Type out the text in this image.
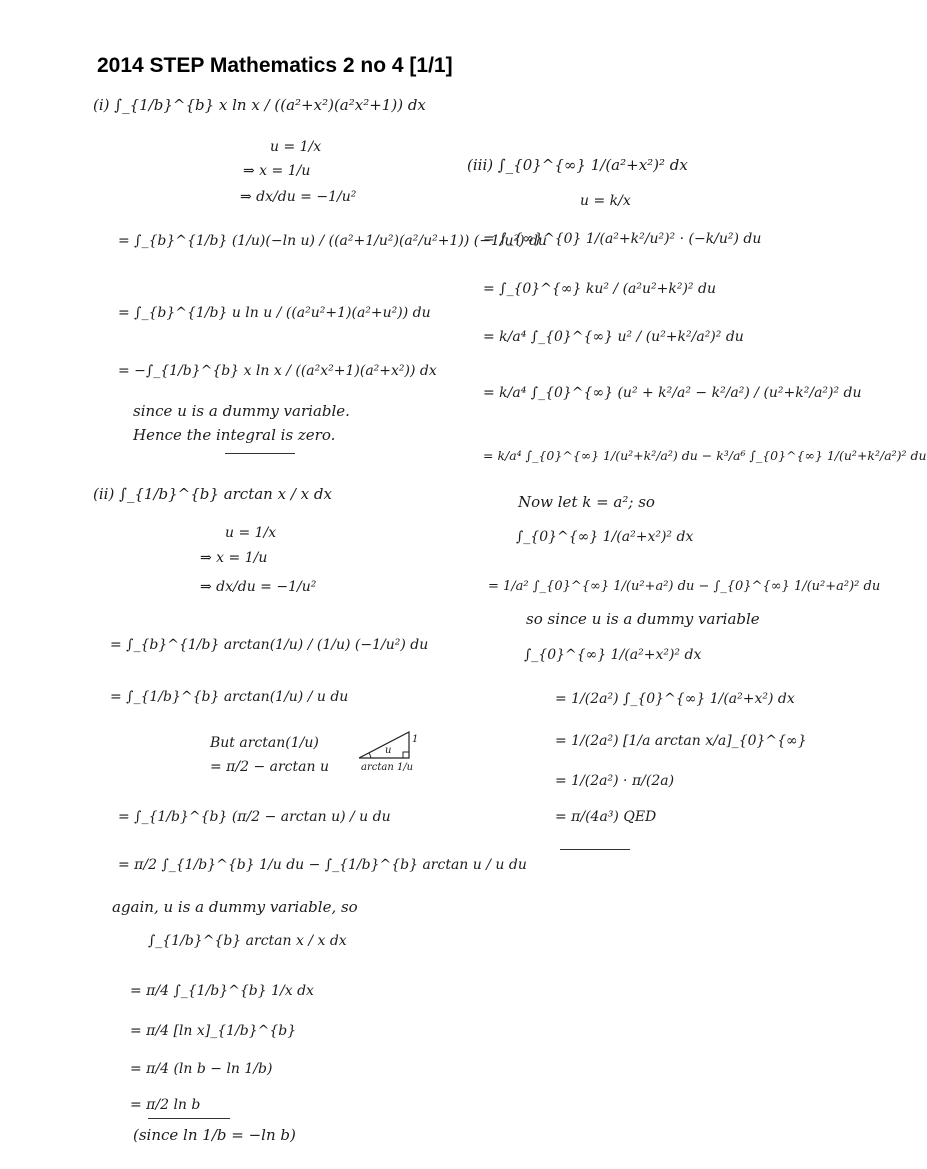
2014 STEP Mathematics 2 no 4 [1/1]
(i) ∫_{1/b}^{b} x ln x / ((a²+x²)(a²x²+1)) dx
u = 1/x
⇒ x = 1/u
⇒ dx/du = −1/u²
= ∫_{b}^{1/b} (1/u)(−ln u) / ((a²+1/u²)(a²/u²+1)) (−1/u²) du
= ∫_{b}^{1/b} u ln u / ((a²u²+1)(a²+u²)) du
= −∫_{1/b}^{b} x ln x / ((a²x²+1)(a²+x²)) dx
since u is a dummy variable.
Hence the integral is zero.
(ii) ∫_{1/b}^{b} arctan x / x dx
u = 1/x
⇒ x = 1/u
⇒ dx/du = −1/u²
= ∫_{b}^{1/b} arctan(1/u) / (1/u) (−1/u²) du
= ∫_{1/b}^{b} arctan(1/u) / u du
But arctan(1/u)
= π/2 − arctan u
1
u
arctan 1/u
= ∫_{1/b}^{b} (π/2 − arctan u) / u du
= π/2 ∫_{1/b}^{b} 1/u du − ∫_{1/b}^{b} arctan u / u du
again, u is a dummy variable, so
∫_{1/b}^{b} arctan x / x dx
= π/4 ∫_{1/b}^{b} 1/x dx
= π/4 [ln x]_{1/b}^{b}
= π/4 (ln b − ln 1/b)
= π/2 ln b
(since ln 1/b = −ln b)
(iii) ∫_{0}^{∞} 1/(a²+x²)² dx
u = k/x
= ∫_{∞}^{0} 1/(a²+k²/u²)² · (−k/u²) du
= ∫_{0}^{∞} ku² / (a²u²+k²)² du
= k/a⁴ ∫_{0}^{∞} u² / (u²+k²/a²)² du
= k/a⁴ ∫_{0}^{∞} (u² + k²/a² − k²/a²) / (u²+k²/a²)² du
= k/a⁴ ∫_{0}^{∞} 1/(u²+k²/a²) du − k³/a⁶ ∫_{0}^{∞} 1/(u²+k²/a²)² du
Now let k = a²; so
∫_{0}^{∞} 1/(a²+x²)² dx
= 1/a² ∫_{0}^{∞} 1/(u²+a²) du − ∫_{0}^{∞} 1/(u²+a²)² du
so since u is a dummy variable
∫_{0}^{∞} 1/(a²+x²)² dx
= 1/(2a²) ∫_{0}^{∞} 1/(a²+x²) dx
= 1/(2a²) [1/a arctan x/a]_{0}^{∞}
= 1/(2a²) · π/(2a)
= π/(4a³) QED
